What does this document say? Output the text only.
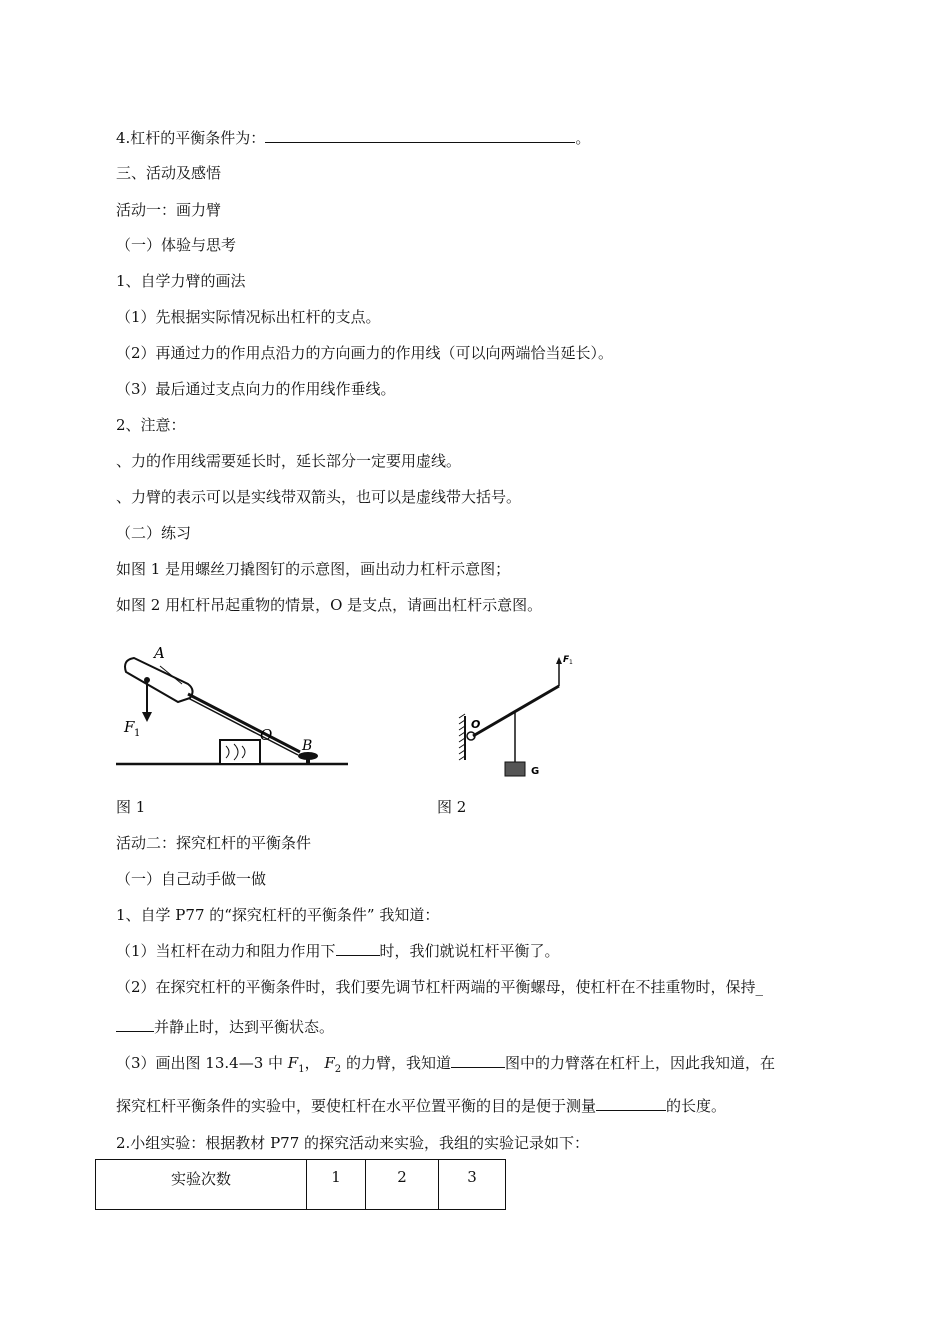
4.杠杆的平衡条件为：	。
三、活动及感悟
活动一：画力臂
（一）体验与思考
1、自学力臂的画法
（1）先根据实际情况标出杠杆的支点。
（2）再通过力的作用点沿力的方向画力的作用线（可以向两端恰当延长）。
（3）最后通过支点向力的作用线作垂线。
2、注意：
、力的作用线需要延长时，延长部分一定要用虚线。
、力臂的表示可以是实线带双箭头，也可以是虚线带大括号。
（二）练习
如图 1 是用螺丝刀撬图钉的示意图，画出动力杠杆示意图；
如图 2 用杠杆吊起重物的情景，O 是支点，请画出杠杆示意图。
A
F 1	O
B
F 1
O
G
图 1	图 2
活动二：探究杠杆的平衡条件
（一）自己动手做一做
1、自学 P77 的“探究杠杆的平衡条件” 我知道：
（1）当杠杆在动力和阻力作用下	时，我们就说杠杆平衡了。
（2）在探究杠杆的平衡条件时，我们要先调节杠杆两端的平衡螺母，使杠杆在不挂重物时，保持_
并静止时，达到平衡状态。
（3）画出图 13.4—3 中 $F_1$， $F_2$ 的力臂，我知道	图中的力臂落在杠杆上，因此我知道，在
探究杠杆平衡条件的实验中，要使杠杆在水平位置平衡的目的是便于测量	的长度。
2.小组实验：根据教材 P77 的探究活动来实验，我组的实验记录如下：
实验次数	1	2	3
